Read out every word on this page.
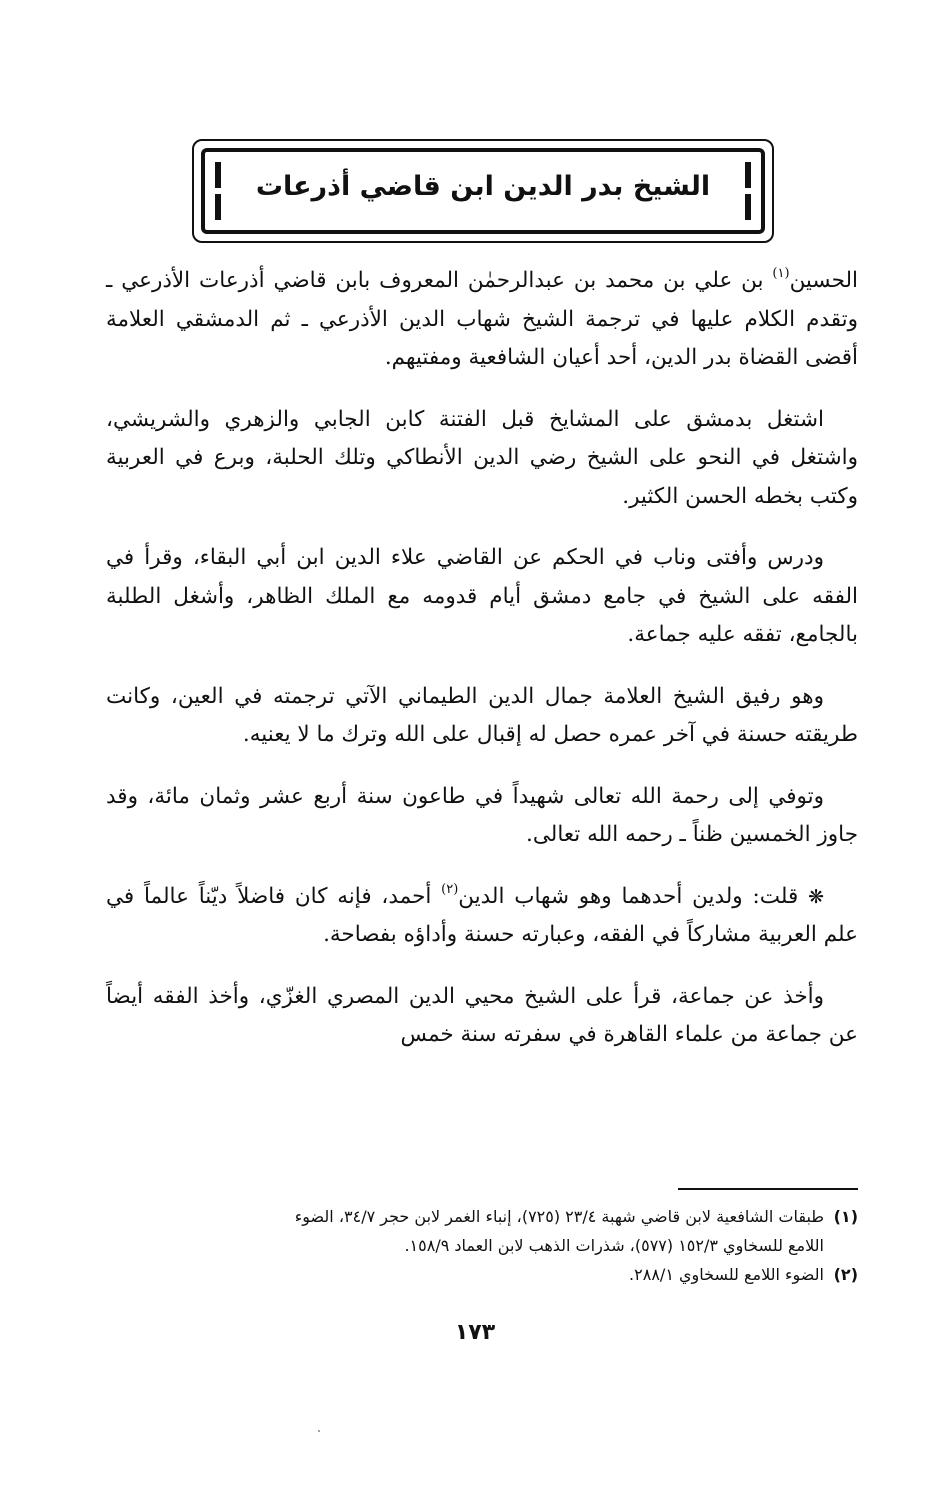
الشيخ بدر الدين ابن قاضي أذرعات

الحسين$^{(١)}$ بن علي بن محمد بن عبدالرحمٰن المعروف بابن قاضي أذرعات الأذرعي ـ وتقدم الكلام عليها في ترجمة الشيخ شهاب الدين الأذرعي ـ ثم الدمشقي العلامة أقضى القضاة بدر الدين، أحد أعيان الشافعية ومفتيهم.

اشتغل بدمشق على المشايخ قبل الفتنة كابن الجابي والزهري والشريشي، واشتغل في النحو على الشيخ رضي الدين الأنطاكي وتلك الحلبة، وبرع في العربية وكتب بخطه الحسن الكثير.

ودرس وأفتى وناب في الحكم عن القاضي علاء الدين ابن أبي البقاء، وقرأ في الفقه على الشيخ في جامع دمشق أيام قدومه مع الملك الظاهر، وأشغل الطلبة بالجامع، تفقه عليه جماعة.

وهو رفيق الشيخ العلامة جمال الدين الطيماني الآتي ترجمته في العين، وكانت طريقته حسنة في آخر عمره حصل له إقبال على الله وترك ما لا يعنيه.

وتوفي إلى رحمة الله تعالى شهيداً في طاعون سنة أربع عشر وثمان مائة، وقد جاوز الخمسين ظناً ـ رحمه الله تعالى.

❋ قلت: ولدين أحدهما وهو شهاب الدين$^{(٢)}$ أحمد، فإنه كان فاضلاً ديّناً عالماً في علم العربية مشاركاً في الفقه، وعبارته حسنة وأداؤه بفصاحة.

وأخذ عن جماعة، قرأ على الشيخ محيي الدين المصري الغزّي، وأخذ الفقه أيضاً عن جماعة من علماء القاهرة في سفرته سنة خمس

(١)طبقات الشافعية لابن قاضي شهبة ٢٣/٤ (٧٢٥)، إنباء الغمر لابن حجر ٣٤/٧، الضوء

اللامع للسخاوي ١٥٢/٣ (٥٧٧)، شذرات الذهب لابن العماد ١٥٨/٩.

(٢)الضوء اللامع للسخاوي ٢٨٨/١.

١٧٣
